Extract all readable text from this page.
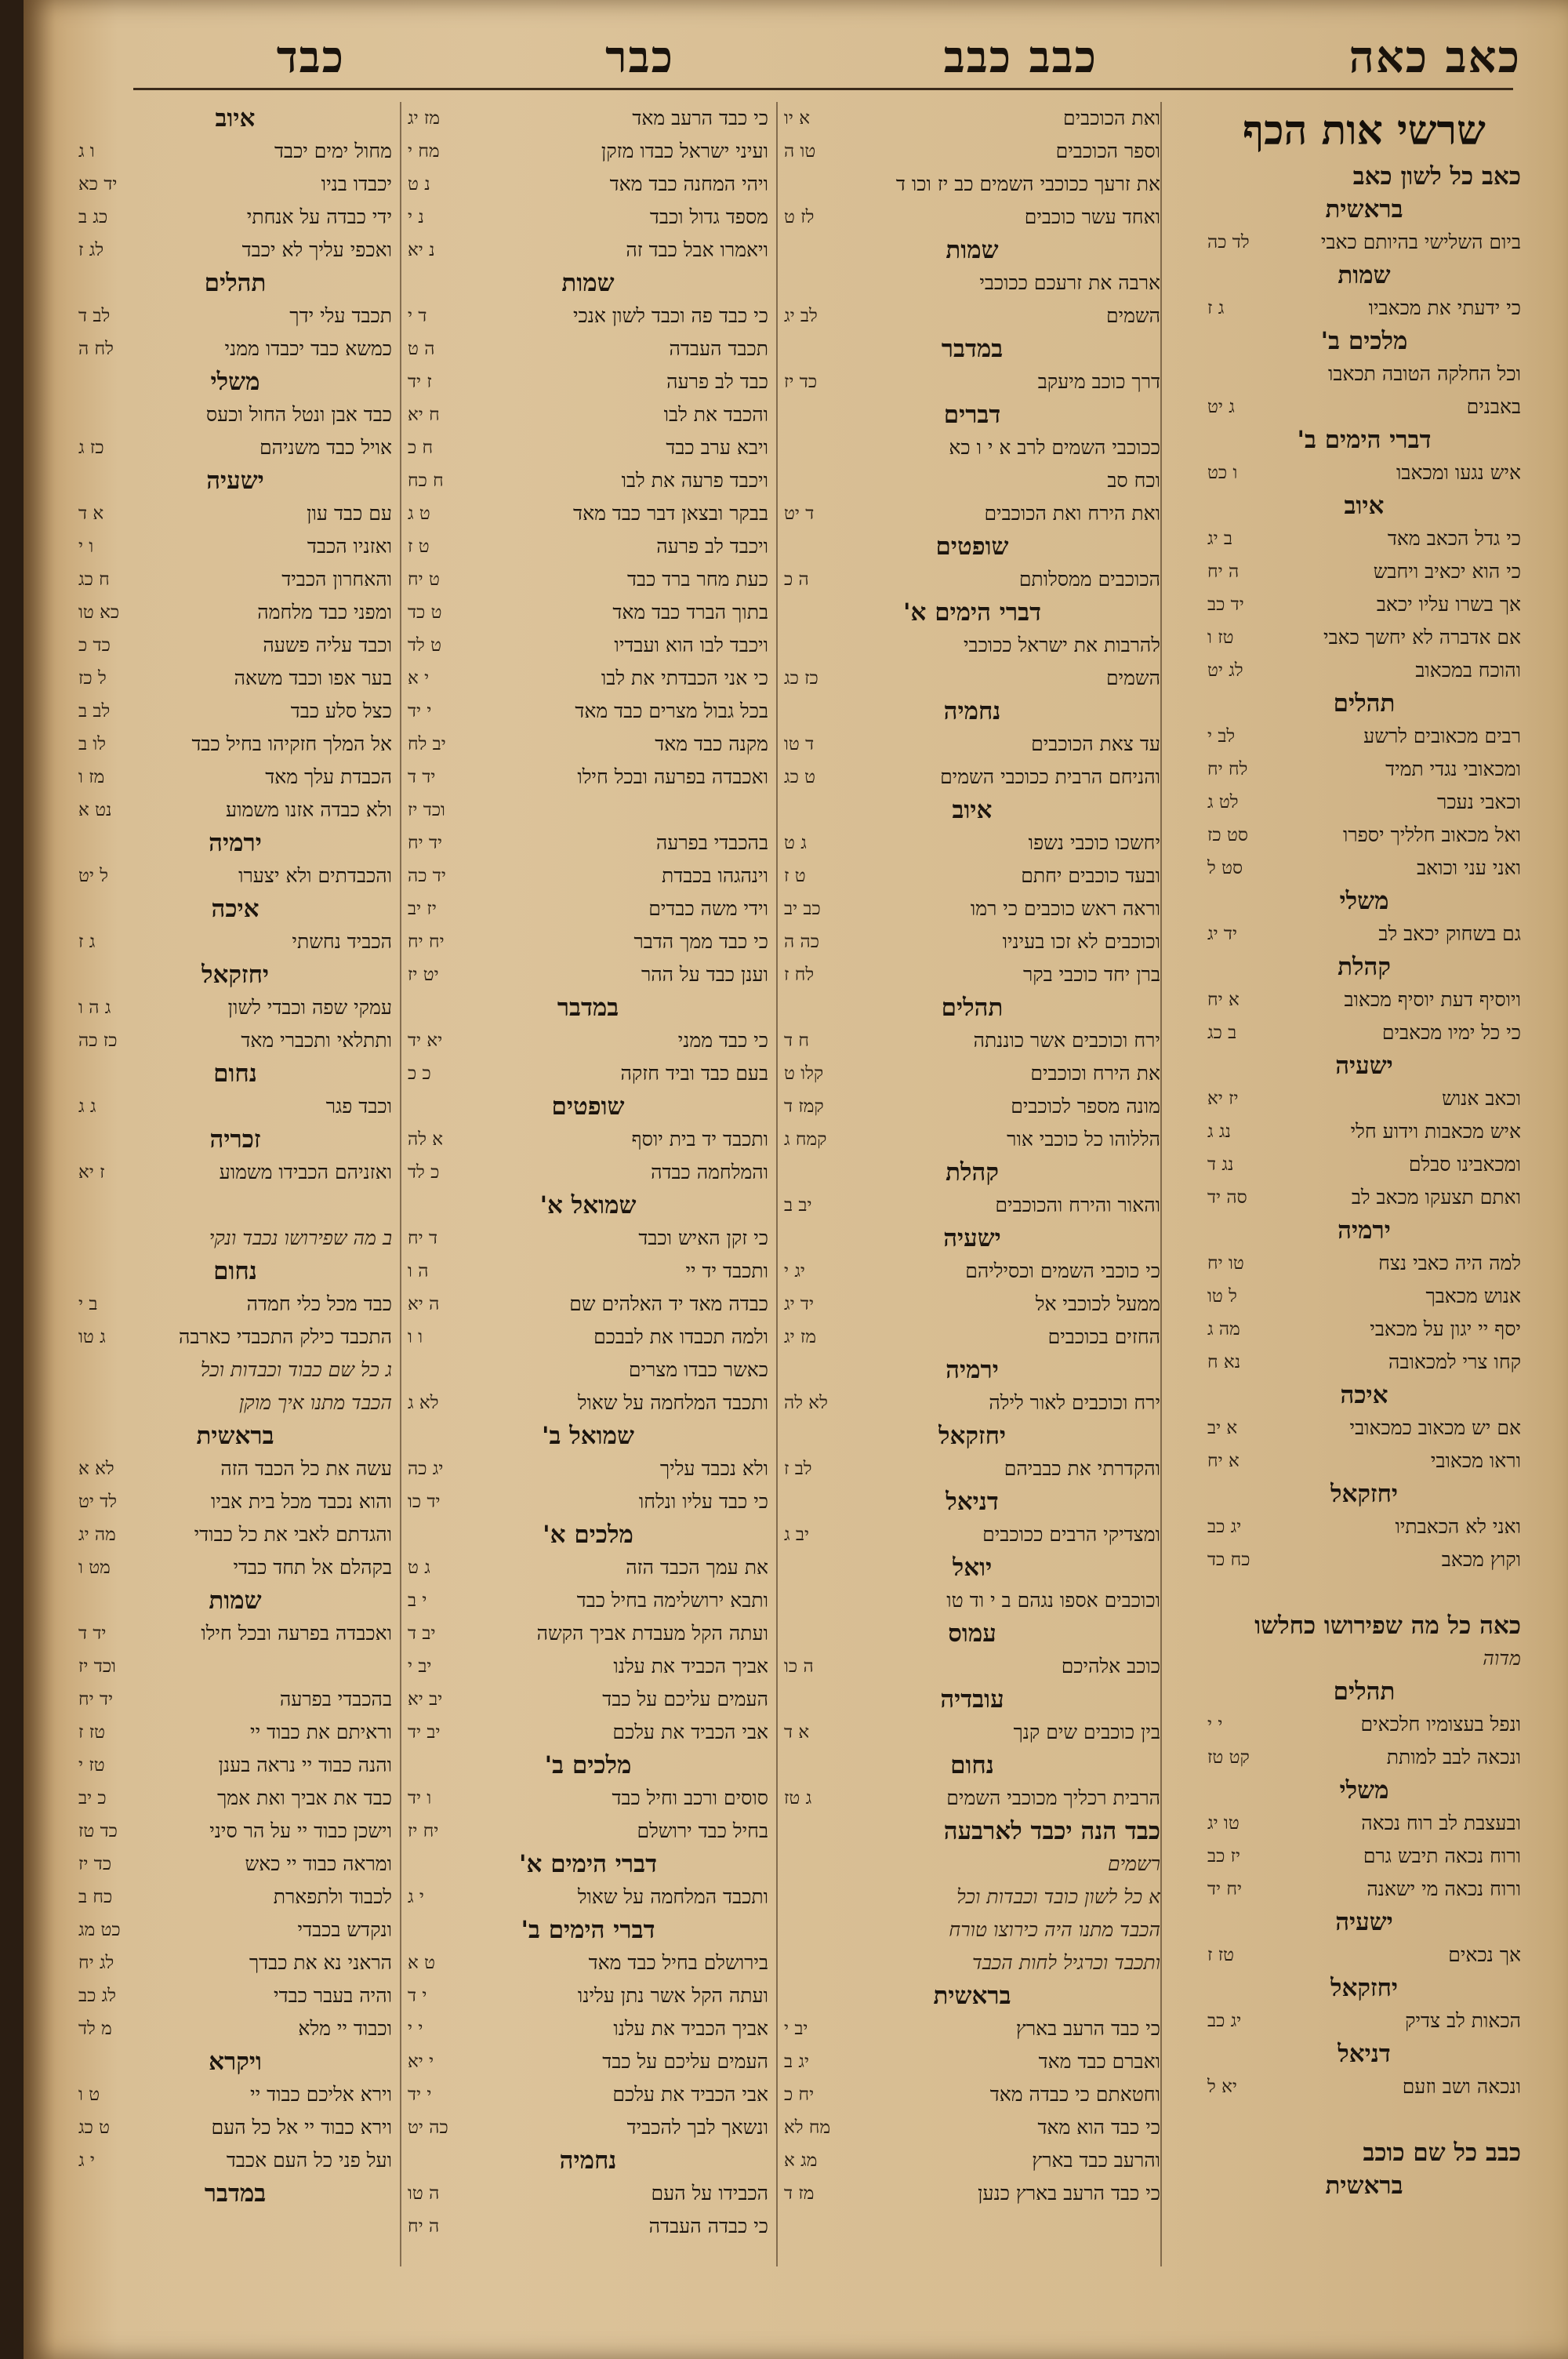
כאב כאה
כבב כבב
כבר
כבד
שרשי אות הכף
כאב כל לשון כאב
בראשית
ביום השלישי בהיותם כאבי
לד כה
שמות
כי ידעתי את מכאביו
ג ז
מלכים ב'
וכל החלקה הטובה תכאבו
באבנים
ג יט
דברי הימים ב'
איש נגעו ומכאבו
ו כט
איוב
כי גדל הכאב מאד
ב יג
כי הוא יכאיב ויחבש
ה יח
אך בשרו עליו יכאב
יד כב
אם אדברה לא יחשך כאבי
טז ו
והוכח במכאוב
לג יט
תהלים
רבים מכאובים לרשע
לב י
ומכאובי נגדי תמיד
לח יח
וכאבי נעכר
לט ג
ואל מכאוב חלליך יספרו
סט כז
ואני עני וכואב
סט ל
משלי
גם בשחוק יכאב לב
יד יג
קהלת
ויוסיף דעת יוסיף מכאוב
א יח
כי כל ימיו מכאבים
ב כג
ישעיה
וכאב אנוש
יז יא
איש מכאבות וידוע חלי
נג ג
ומכאבינו סבלם
נג ד
ואתם תצעקו מכאב לב
סה יד
ירמיה
למה היה כאבי נצח
טו יח
אנוש מכאבך
ל טו
יסף יי יגון על מכאבי
מה ג
קחו צרי למכאובה
נא ח
איכה
אם יש מכאוב כמכאובי
א יב
וראו מכאובי
א יח
יחזקאל
ואני לא הכאבתיו
יג כב
וקוץ מכאב
כח כד
כאה כל מה שפירושו כחלשו
מדוה
תהלים
ונפל בעצומיו חלכאים
י י
ונכאה לבב למותת
קט טז
משלי
ובעצבת לב רוח נכאה
טו יג
ורוח נכאה תיבש גרם
יז כב
ורוח נכאה מי ישאנה
יח יד
ישעיה
אך נכאים
טז ז
יחזקאל
הכאות לב צדיק
יג כב
דניאל
ונכאה ושב וזעם
יא ל
כבב כל שם כוכב
בראשית
ואת הכוכבים
א יו
וספר הכוכבים
טו ה
את זרעך ככוכבי השמים כב יז וכו ד
ואחד עשר כוכבים
לז ט
שמות
ארבה את זרעכם ככוכבי
השמים
לב יג
במדבר
דרך כוכב מיעקב
כד יז
דברים
ככוכבי השמים לרב א י ו כא
וכח סב
ואת הירח ואת הכוכבים
ד יט
שופטים
הכוכבים ממסלותם
ה כ
דברי הימים א'
להרבות את ישראל ככוכבי
השמים
כז כג
נחמיה
עד צאת הכוכבים
ד טו
והניחם הרבית ככוכבי השמים
ט כג
איוב
יחשכו כוכבי נשפו
ג ט
ובעד כוכבים יחתם
ט ז
וראה ראש כוכבים כי רמו
כב יב
וכוכבים לא זכו בעיניו
כה ה
ברן יחד כוכבי בקר
לח ז
תהלים
ירח וכוכבים אשר כוננתה
ח ד
את הירח וכוכבים
קלו ט
מונה מספר לכוכבים
קמז ד
הללוהו כל כוכבי אור
קמח ג
קהלת
והאור והירח והכוכבים
יב ב
ישעיה
כי כוכבי השמים וכסיליהם
יג י
ממעל לכוכבי אל
יד יג
החזים בכוכבים
מז יג
ירמיה
ירח וכוכבים לאור לילה
לא לה
יחזקאל
והקדרתי את כבביהם
לב ז
דניאל
ומצדיקי הרבים ככוכבים
יב ג
יואל
וכוכבים אספו נגהם ב י וד טו
עמוס
כוכב אלהיכם
ה כו
עובדיה
בין כוכבים שים קנך
א ד
נחום
הרבית רכליך מכוכבי השמים
ג טז
כבד הנה יכבד לארבעה
רשמים
א כל לשון כובד וכבדות וכל
הכבד מתנו היה כירוצו טורח
ותכבד וכרגיל לחות הכבד
בראשית
כי כבד הרעב בארץ
יב י
ואברם כבד מאד
יג ב
וחטאתם כי כבדה מאד
יח כ
כי כבד הוא מאד
מח לא
והרעב כבד בארץ
מג א
כי כבד הרעב בארץ כנען
מז ד
כי כבד הרעב מאד
מז יג
ועיני ישראל כבדו מזקן
מח י
ויהי המחנה כבד מאד
נ ט
מספד גדול וכבד
נ י
ויאמרו אבל כבד זה
נ יא
שמות
כי כבד פה וכבד לשון אנכי
ד י
תכבד העבדה
ה ט
כבד לב פרעה
ז יד
והכבד את לבו
ח יא
ויבא ערב כבד
ח כ
ויכבד פרעה את לבו
ח כח
בבקר ובצאן דבר כבד מאד
ט ג
ויכבד לב פרעה
ט ז
כעת מחר ברד כבד
ט יח
בתוך הברד כבד מאד
ט כד
ויכבד לבו הוא ועבדיו
ט לד
כי אני הכבדתי את לבו
י א
בכל גבול מצרים כבד מאד
י יד
מקנה כבד מאד
יב לח
ואכבדה בפרעה ובכל חילו
יד ד
וכד יז
בהכבדי בפרעה
יד יח
וינהגהו בכבדת
יד כה
וידי משה כבדים
יז יב
כי כבד ממך הדבר
יח יח
וענן כבד על ההר
יט יז
במדבר
כי כבד ממני
יא יד
בעם כבד וביד חזקה
כ כ
שופטים
ותכבד יד בית יוסף
א לה
והמלחמה כבדה
כ לד
שמואל א'
כי זקן האיש וכבד
ד יח
ותכבד יד יי
ה ו
כבדה מאד יד האלהים שם
ה יא
ולמה תכבדו את לבבכם
ו ו
כאשר כבדו מצרים
ותכבד המלחמה על שאול
לא ג
שמואל ב'
ולא נכבד עליך
יג כה
כי כבד עליו ונלחו
יד כו
מלכים א'
את עמך הכבד הזה
ג ט
ותבא ירושלימה בחיל כבד
י ב
ועתה הקל מעבדת אביך הקשה
יב ד
אביך הכביד את עלנו
יב י
העמים עליכם על כבד
יב יא
אבי הכביד את עלכם
יב יד
מלכים ב'
סוסים ורכב וחיל כבד
ו יד
בחיל כבד ירושלם
יח יז
דברי הימים א'
ותכבד המלחמה על שאול
י ג
דברי הימים ב'
בירושלם בחיל כבד מאד
ט א
ועתה הקל אשר נתן עלינו
י ד
אביך הכביד את עלנו
י י
העמים עליכם על כבד
י יא
אבי הכביד את עלכם
י יד
ונשאך לבך להכביד
כה יט
נחמיה
הכבידו על העם
ה טו
כי כבדה העבדה
ה יח
איוב
מחול ימים יכבד
ו ג
יכבדו בניו
יד כא
ידי כבדה על אנחתי
כג ב
ואכפי עליך לא יכבד
לג ז
תהלים
תכבד עלי ידך
לב ד
כמשא כבד יכבדו ממני
לח ה
משלי
כבד אבן ונטל החול וכעס
אויל כבד משניהם
כז ג
ישעיה
עם כבד עון
א ד
ואזניו הכבד
ו י
והאחרון הכביד
ח כג
ומפני כבד מלחמה
כא טו
וכבד עליה פשעה
כד כ
בער אפו וכבד משאה
ל כז
כצל סלע כבד
לב ב
אל המלך חזקיהו בחיל כבד
לו ב
הכבדת עלך מאד
מז ו
ולא כבדה אזנו משמוע
נט א
ירמיה
והכבדתים ולא יצערו
ל יט
איכה
הכביד נחשתי
ג ז
יחזקאל
עמקי שפה וכבדי לשון
ג ה ו
ותתלאי ותכברי מאד
כז כה
נחום
וכבד פגר
ג ג
זכריה
ואזניהם הכבידו משמוע
ז יא
ב מה שפירושו נכבד ונקי
נחום
כבד מכל כלי חמדה
ב י
התכבד כילק התכבדי כארבה
ג טו
ג כל שם כבוד וכבדות וכל
הכבד מתנו איך מוקן
בראשית
עשה את כל הכבד הזה
לא א
והוא נכבד מכל בית אביו
לד יט
והגדתם לאבי את כל כבודי
מה יג
בקהלם אל תחד כבדי
מט ו
שמות
ואכבדה בפרעה ובכל חילו
יד ד
וכד יז
בהכבדי בפרעה
יד יח
וראיתם את כבוד יי
טז ז
והנה כבוד יי נראה בענן
טז י
כבד את אביך ואת אמך
כ יב
וישכן כבוד יי על הר סיני
כד טז
ומראה כבוד יי כאש
כד יז
לכבוד ולתפארת
כח ב
ונקדש בכבדי
כט מג
הראני נא את כבדך
לג יח
והיה בעבר כבדי
לג כב
וכבוד יי מלא
מ לד
ויקרא
וירא אליכם כבוד יי
ט ו
וירא כבוד יי אל כל העם
ט כג
ועל פני כל העם אכבד
י ג
במדבר
